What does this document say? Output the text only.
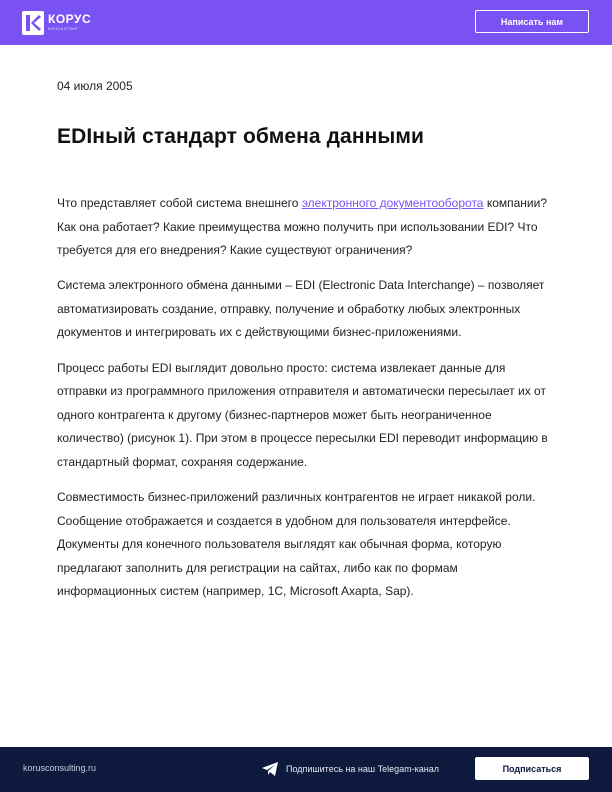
КОРУС
КОНСАЛТИНГ
Написать нам
04 июля 2005
EDIный стандарт обмена данными

Что представляет собой система внешнего электронного документооборота компании? Как она работает? Какие преимущества можно получить при использовании EDI? Что требуется для его внедрения? Какие существуют ограничения?

Система электронного обмена данными – EDI (Electronic Data Interchange) – позволяет автоматизировать создание, отправку, получение и обработку любых электронных документов и интегрировать их с действующими бизнес-приложениями.

Процесс работы EDI выглядит довольно просто: система извлекает данные для отправки из программного приложения отправителя и автоматически пересылает их от одного контрагента к другому (бизнес-партнеров может быть неограниченное количество) (рисунок 1). При этом в процессе пересылки EDI переводит информацию в стандартный формат, сохраняя содержание.

Совместимость бизнес-приложений различных контрагентов не играет никакой роли. Сообщение отображается и создается в удобном для пользователя интерфейсе. Документы для конечного пользователя выглядят как обычная форма, которую предлагают заполнить для регистрации на сайтах, либо как по формам информационных систем (например, 1С, Microsoft Axapta, Sap).

korusconsulting.ru	Подпишитесь на наш Telegam-канал	Подписаться
